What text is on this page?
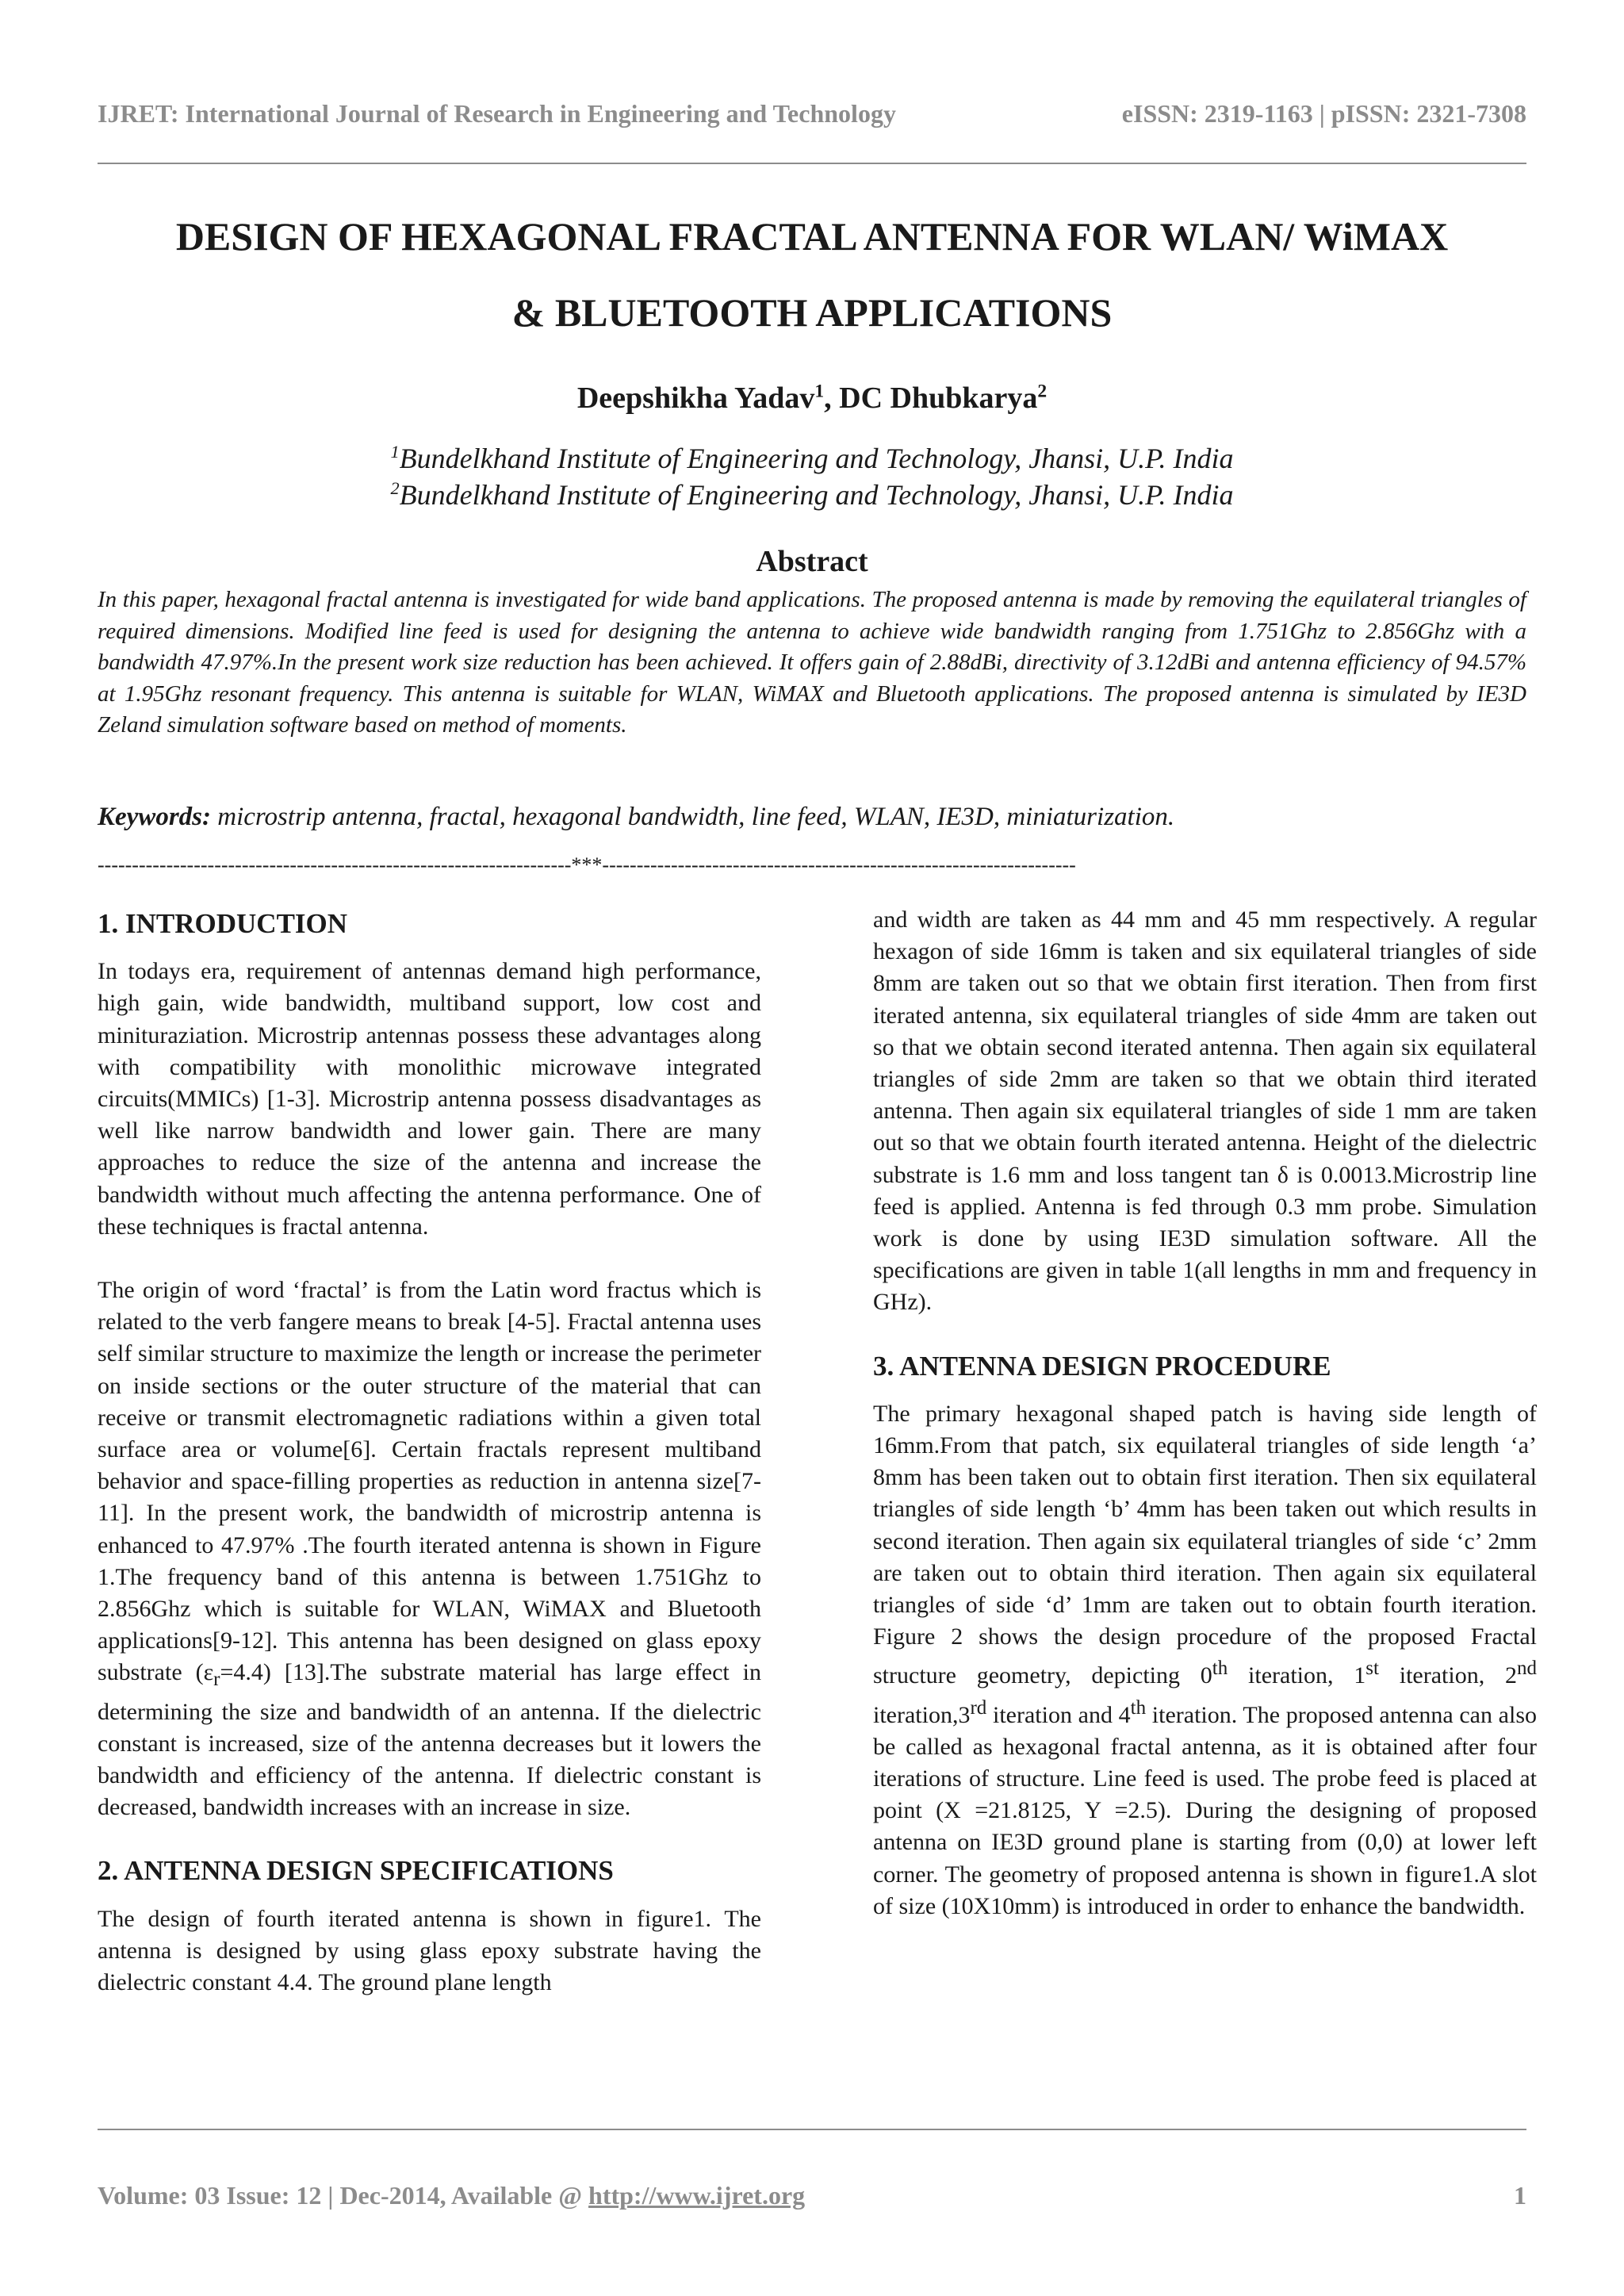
IJRET: International Journal of Research in Engineering and Technology	eISSN: 2319-1163 | pISSN: 2321-7308
DESIGN OF HEXAGONAL FRACTAL ANTENNA FOR WLAN/ WiMAX
& BLUETOOTH APPLICATIONS
Deepshikha Yadav$^1$, DC Dhubkarya$^2$
$^1$Bundelkhand Institute of Engineering and Technology, Jhansi, U.P. India
$^2$Bundelkhand Institute of Engineering and Technology, Jhansi, U.P. India
Abstract
In this paper, hexagonal fractal antenna is investigated for wide band applications. The proposed antenna is made by removing the equilateral triangles of required dimensions. Modified line feed is used for designing the antenna to achieve wide bandwidth ranging from 1.751Ghz to 2.856Ghz with a bandwidth 47.97%.In the present work size reduction has been achieved. It offers gain of 2.88dBi, directivity of 3.12dBi and antenna efficiency of 94.57% at 1.95Ghz resonant frequency. This antenna is suitable for WLAN, WiMAX and Bluetooth applications. The proposed antenna is simulated by IE3D Zeland simulation software based on method of moments.
Keywords: microstrip antenna, fractal, hexagonal bandwidth, line feed, WLAN, IE3D, miniaturization.
---------------------------------------------------------------------***---------------------------------------------------------------------
1. INTRODUCTION

In todays era, requirement of antennas demand high performance, high gain, wide bandwidth, multiband support, low cost and minituraziation. Microstrip antennas possess these advantages along with compatibility with monolithic microwave integrated circuits(MMICs) [1-3]. Microstrip antenna possess disadvantages as well like narrow bandwidth and lower gain. There are many approaches to reduce the size of the antenna and increase the bandwidth without much affecting the antenna performance. One of these techniques is fractal antenna.

The origin of word ‘fractal’ is from the Latin word fractus which is related to the verb fangere means to break [4-5]. Fractal antenna uses self similar structure to maximize the length or increase the perimeter on inside sections or the outer structure of the material that can receive or transmit electromagnetic radiations within a given total surface area or volume[6]. Certain fractals represent multiband behavior and space-filling properties as reduction in antenna size[7-11]. In the present work, the bandwidth of microstrip antenna is enhanced to 47.97% .The fourth iterated antenna is shown in Figure 1.The frequency band of this antenna is between 1.751Ghz to 2.856Ghz which is suitable for WLAN, WiMAX and Bluetooth applications[9-12]. This antenna has been designed on glass epoxy substrate $(\varepsilon_r=4.4)$ [13].The substrate material has large effect in determining the size and bandwidth of an antenna. If the dielectric constant is increased, size of the antenna decreases but it lowers the bandwidth and efficiency of the antenna. If dielectric constant is decreased, bandwidth increases with an increase in size.

2. ANTENNA DESIGN SPECIFICATIONS

The design of fourth iterated antenna is shown in figure1. The antenna is designed by using glass epoxy substrate having the dielectric constant 4.4. The ground plane length

and width are taken as 44 mm and 45 mm respectively. A regular hexagon of side 16mm is taken and six equilateral triangles of side 8mm are taken out so that we obtain first iteration. Then from first iterated antenna, six equilateral triangles of side 4mm are taken out so that we obtain second iterated antenna. Then again six equilateral triangles of side 2mm are taken so that we obtain third iterated antenna. Then again six equilateral triangles of side 1 mm are taken out so that we obtain fourth iterated antenna. Height of the dielectric substrate is 1.6 mm and loss tangent tan δ is 0.0013.Microstrip line feed is applied. Antenna is fed through 0.3 mm probe. Simulation work is done by using IE3D simulation software. All the specifications are given in table 1(all lengths in mm and frequency in GHz).

3. ANTENNA DESIGN PROCEDURE

The primary hexagonal shaped patch is having side length of 16mm.From that patch, six equilateral triangles of side length ‘a’ 8mm has been taken out to obtain first iteration. Then six equilateral triangles of side length ‘b’ 4mm has been taken out which results in second iteration. Then again six equilateral triangles of side ‘c’ 2mm are taken out to obtain third iteration. Then again six equilateral triangles of side ‘d’ 1mm are taken out to obtain fourth iteration. Figure 2 shows the design procedure of the proposed Fractal structure geometry, depicting 0th iteration, 1st iteration, 2nd iteration,3rd iteration and 4th iteration. The proposed antenna can also be called as hexagonal fractal antenna, as it is obtained after four iterations of structure. Line feed is used. The probe feed is placed at point (X =21.8125, Y =2.5). During the designing of proposed antenna on IE3D ground plane is starting from (0,0) at lower left corner. The geometry of proposed antenna is shown in figure1.A slot of size (10X10mm) is introduced in order to enhance the bandwidth.

Volume: 03 Issue: 12 | Dec-2014, Available @ http://www.ijret.org	1
